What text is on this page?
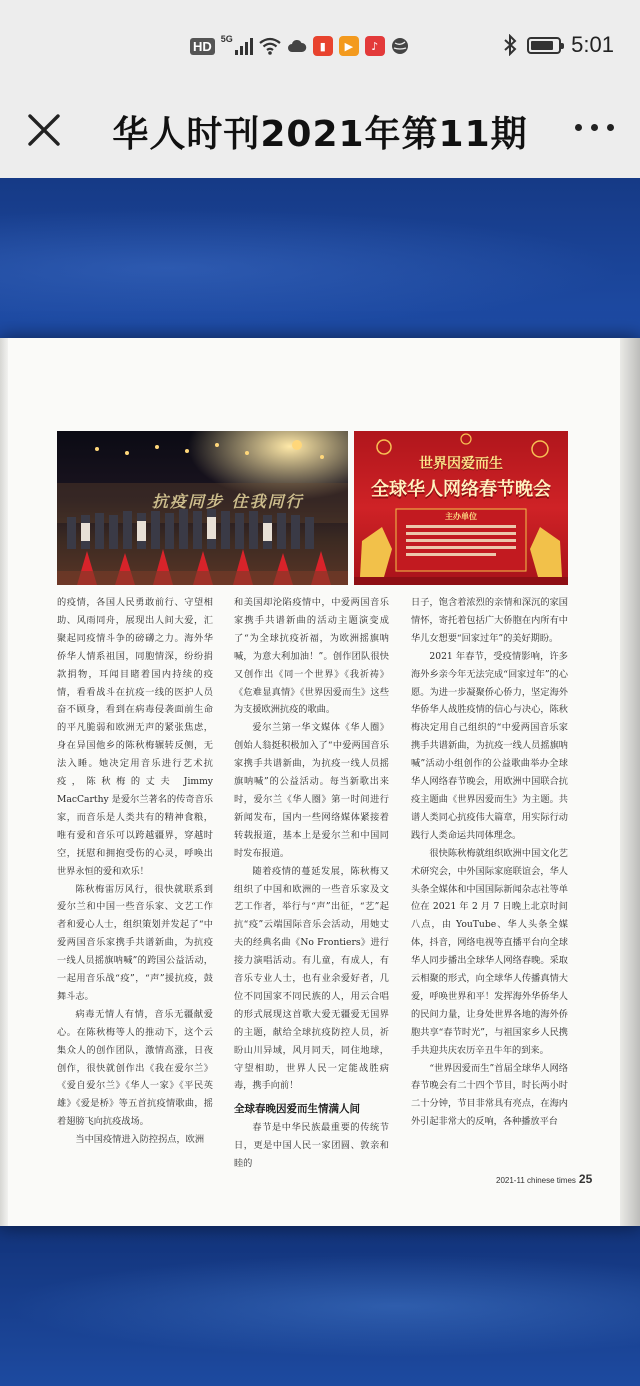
HD	5G
▮	▶	♪	5:01
华人时刊2021年第11期
抗疫同步 住我同行
世界因爱而生
全球华人网络春节晚会
主办单位

的疫情，各国人民勇敢前行、守望相助、风雨同舟，展现出人间大爱，汇聚起同疫情斗争的磅礴之力。海外华侨华人情系祖国，同胞情深，纷纷捐款捐物，耳闻目睹着国内持续的疫情，看看战斗在抗疫一线的医护人员奋不顾身，看到在病毒侵袭面前生命的平凡脆弱和欧洲无声的紧张焦虑，身在异国他乡的陈秋梅辗转反侧，无法入睡。她决定用音乐进行艺术抗疫，陈秋梅的丈夫 Jimmy MacCarthy 是爱尔兰著名的传奇音乐家，而音乐是人类共有的精神食粮，唯有爱和音乐可以跨越疆界，穿越时空，抚慰和拥抱受伤的心灵，呼唤出世界永恒的爱和欢乐！

陈秋梅雷厉风行，很快就联系到爱尔兰和中国一些音乐家、文艺工作者和爱心人士，组织策划并发起了“中爱两国音乐家携手共谱新曲，为抗疫一线人员摇旗呐喊”的跨国公益活动，一起用音乐战“疫”，“声”援抗疫，鼓舞斗志。

病毒无情人有情，音乐无疆献爱心。在陈秋梅等人的推动下，这个云集众人的创作团队，激情高涨，日夜创作，很快就创作出《我在爱尔兰》《爱自爱尔兰》《华人一家》《平民英雄》《爱是桥》等五首抗疫情歌曲，摇着翅膀飞向抗疫战场。

当中国疫情进入防控拐点，欧洲

和美国却沦陷疫情中，中爱两国音乐家携手共谱新曲的活动主题演变成了“为全球抗疫祈福，为欧洲摇旗呐喊，为意大利加油！”。创作团队很快又创作出《同一个世界》《我祈祷》《危难显真情》《世界因爱而生》这些为支援欧洲抗疫的歌曲。

爱尔兰第一华文媒体《华人圈》创始人翁挺积极加入了“中爱两国音乐家携手共谱新曲，为抗疫一线人员摇旗呐喊”的公益活动。每当新歌出来时，爱尔兰《华人圈》第一时间进行新闻发布，国内一些网络媒体紧接着转载报道，基本上是爱尔兰和中国同时发布报道。

随着疫情的蔓延发展，陈秋梅又组织了中国和欧洲的一些音乐家及文艺工作者，举行与“声”出征，“艺”起抗“疫”云端国际音乐会活动，用她丈夫的经典名曲《No Frontiers》进行接力演唱活动。有儿童，有成人，有音乐专业人士，也有业余爱好者，几位不同国家不同民族的人，用云合唱的形式展现这首歌大爱无疆爱无国界的主题，献给全球抗疫防控人员，祈盼山川异域，风月同天，同住地球，守望相助，世界人民一定能战胜病毒，携手向前！

全球春晚因爱而生情满人间

春节是中华民族最重要的传统节日，更是中国人民一家团圆、敦亲和睦的

日子，饱含着浓烈的亲情和深沉的家国情怀，寄托着包括广大侨胞在内所有中华儿女想要“回家过年”的美好期盼。

2021 年春节，受疫情影响，许多海外乡亲今年无法完成“回家过年”的心愿。为进一步凝聚侨心侨力，坚定海外华侨华人战胜疫情的信心与决心，陈秋梅决定用自己组织的“中爱两国音乐家携手共谱新曲，为抗疫一线人员摇旗呐喊”活动小组创作的公益歌曲举办全球华人网络春节晚会，用欧洲中国联合抗疫主题曲《世界因爱而生》为主题。共谱人类同心抗疫伟大篇章，用实际行动践行人类命运共同体理念。

很快陈秋梅就组织欧洲中国文化艺术研究会，中外国际家庭联谊会，华人头条全媒体和中国国际新闻杂志社等单位在 2021 年 2 月 7 日晚上北京时间八点，由 YouTube、华人头条全媒体，抖音，网络电视等直播平台向全球华人同步播出全球华人网络春晚。采取云相聚的形式，向全球华人传播真情大爱，呼唤世界和平！发挥海外华侨华人的民间力量，让身处世界各地的海外侨胞共享“春节时光”，与祖国家乡人民携手共迎共庆农历辛丑牛年的到来。

“世界因爱而生”首届全球华人网络春节晚会有二十四个节目，时长两小时二十分钟，节目非常具有亮点，在海内外引起非常大的反响，各种播放平台

2021-11 chinese times 25
